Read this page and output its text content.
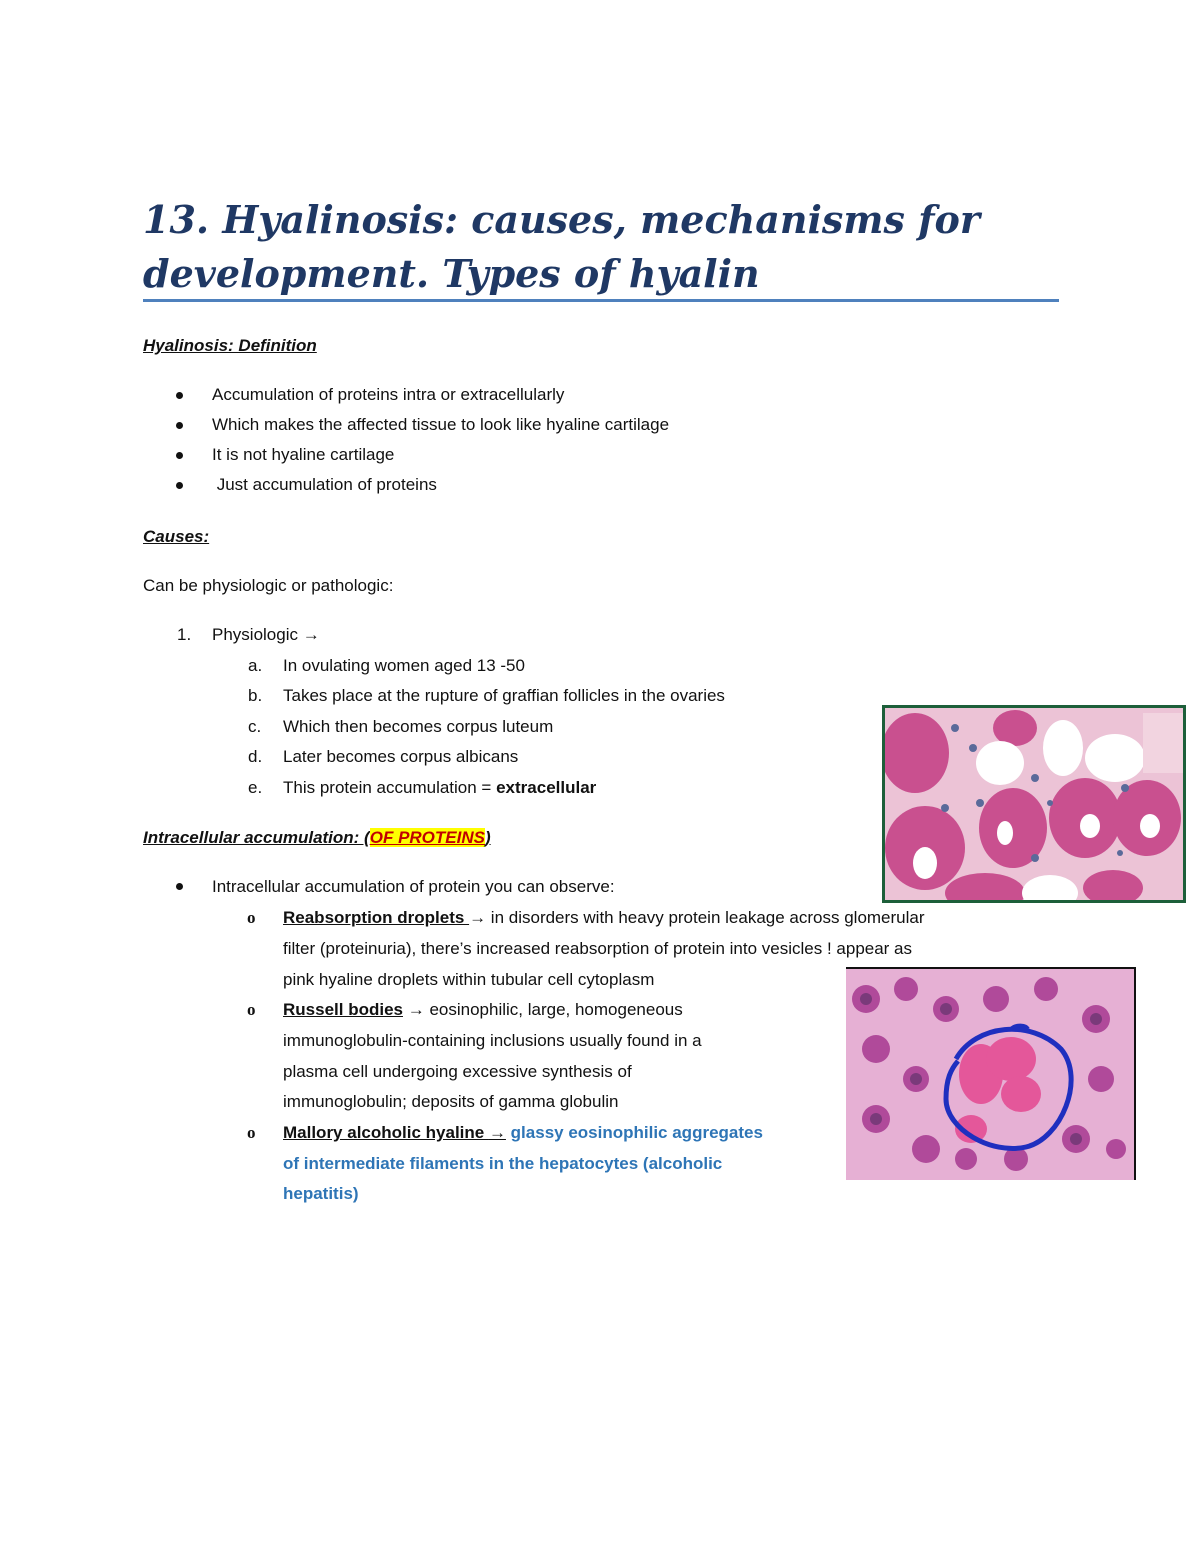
13. Hyalinosis: causes, mechanisms for
development. Types of hyalin
Hyalinosis: Definition
Accumulation of proteins intra or extracellularly
Which makes the affected tissue to look like hyaline cartilage
It is not hyaline cartilage
Just accumulation of proteins
Causes:
Can be physiologic or pathologic:
1. Physiologic →
a. In ovulating women aged 13 -50
b. Takes place at the rupture of graffian follicles in the ovaries
c. Which then becomes corpus luteum
d. Later becomes corpus albicans
e. This protein accumulation = extracellular
Intracellular accumulation: (OF PROTEINS)
Intracellular accumulation of protein you can observe:
o Reabsorption droplets → in disorders with heavy protein leakage across glomerular
filter (proteinuria), there’s increased reabsorption of protein into vesicles ! appear as
pink hyaline droplets within tubular cell cytoplasm
o Russell bodies → eosinophilic, large, homogeneous
immunoglobulin-containing inclusions usually found in a
plasma cell undergoing excessive synthesis of
immunoglobulin; deposits of gamma globulin
o Mallory alcoholic hyaline → glassy eosinophilic aggregates
of intermediate filaments in the hepatocytes (alcoholic
hepatitis)
